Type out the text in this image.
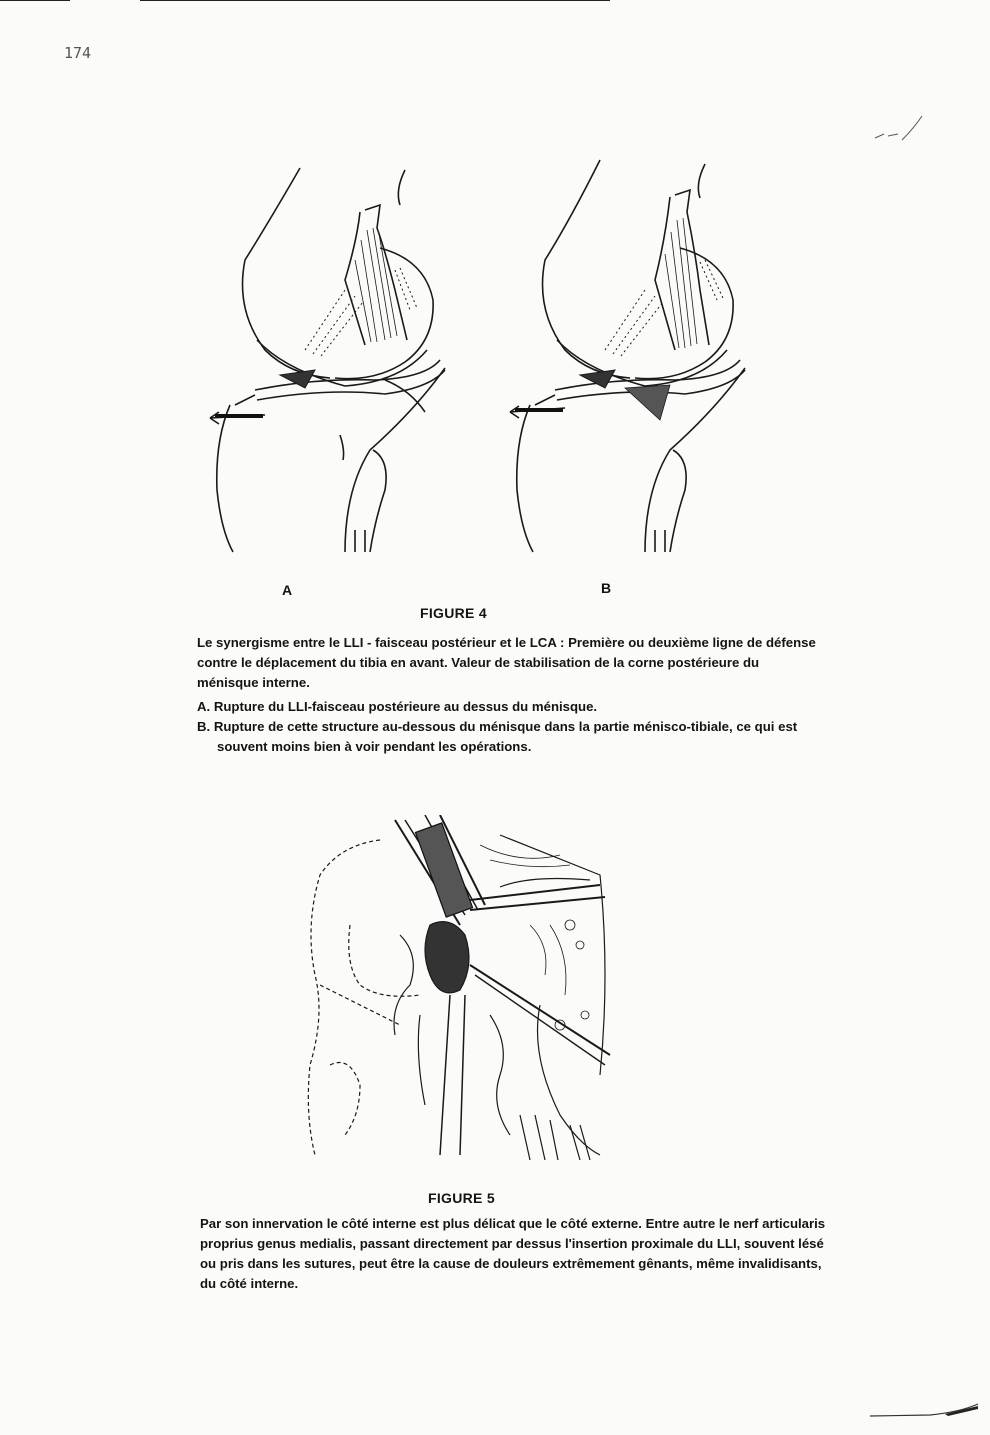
174
A	B
FIGURE 4

Le synergisme entre le LLI - faisceau postérieur et le LCA : Première ou deuxième ligne de défense contre le déplacement du tibia en avant. Valeur de stabilisation de la corne postérieure du ménisque interne.

A. Rupture du LLI-faisceau postérieure au dessus du ménisque.

B. Rupture de cette structure au-dessous du ménisque dans la partie ménisco-tibiale, ce qui est souvent moins bien à voir pendant les opérations.

FIGURE 5

Par son innervation le côté interne est plus délicat que le côté externe. Entre autre le nerf articularis proprius genus medialis, passant directement par dessus l'insertion proximale du LLI, souvent lésé ou pris dans les sutures, peut être la cause de douleurs extrêmement gênants, même invalidisants, du côté interne.
